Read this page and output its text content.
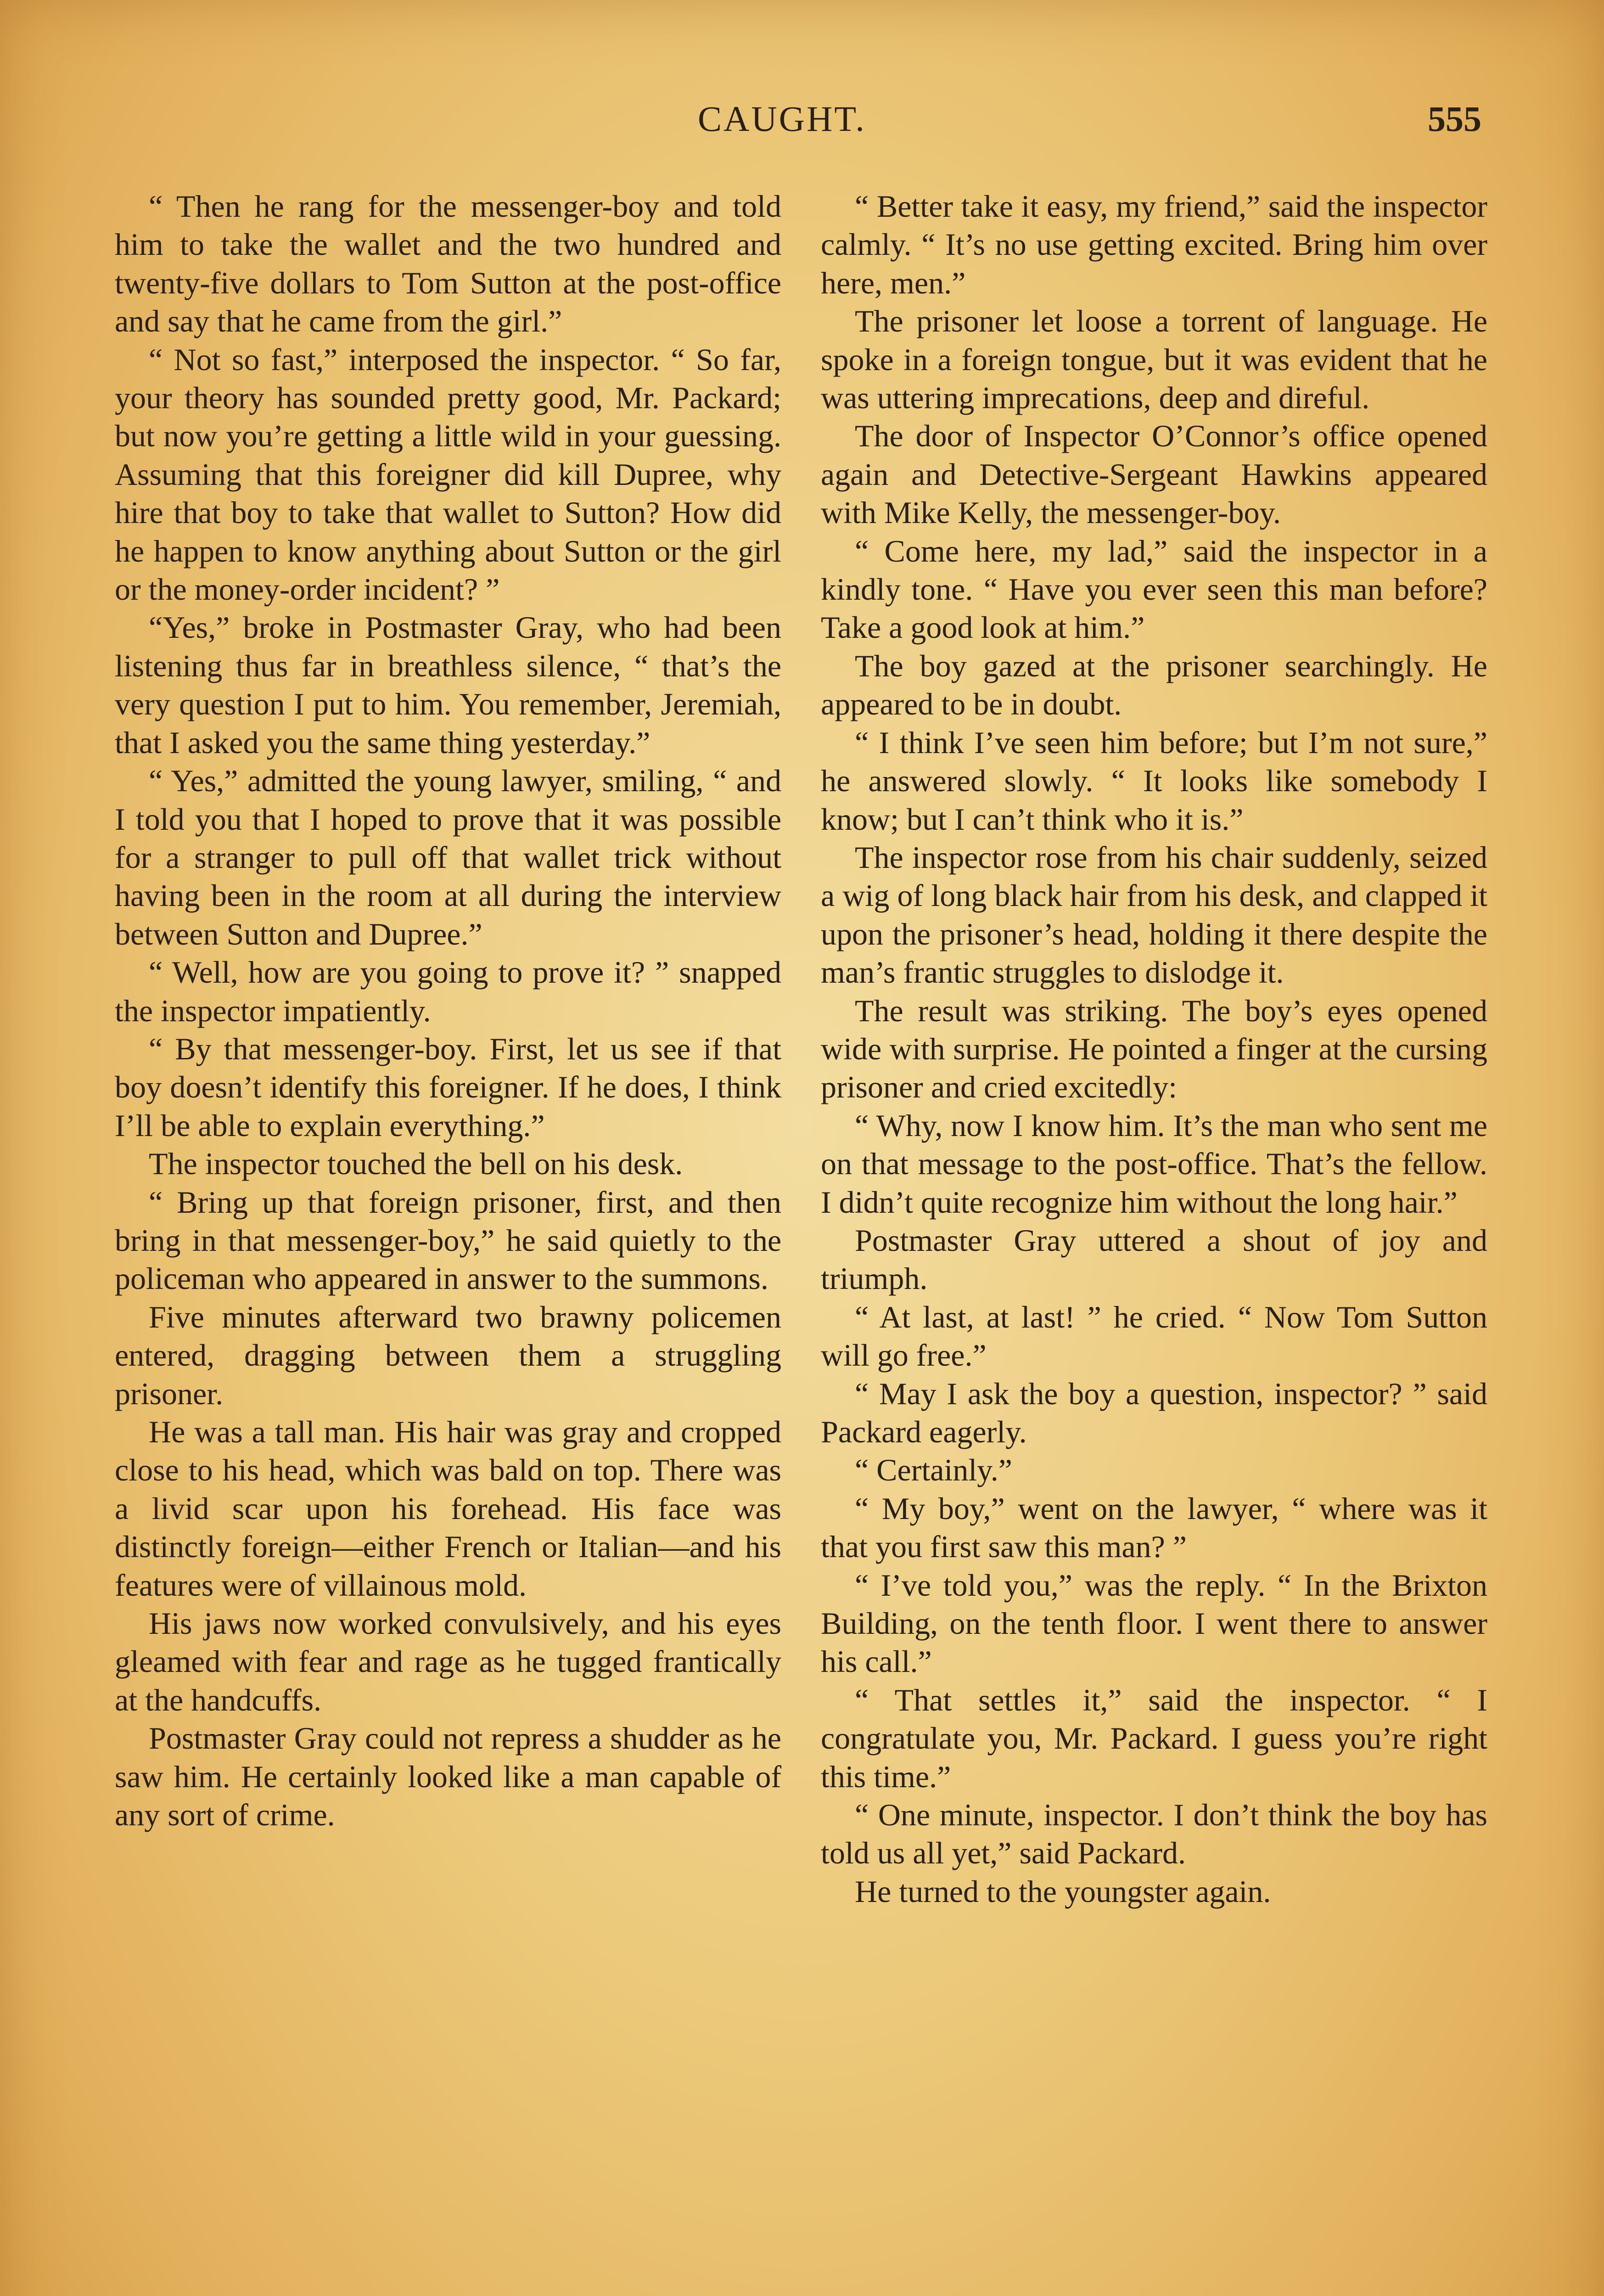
CAUGHT.	555

“ Then he rang for the messenger-boy and told him to take the wallet and the two hundred and twenty-five dollars to Tom Sutton at the post-office and say that he came from the girl.”

“ Not so fast,” interposed the inspector. “ So far, your theory has sounded pretty good, Mr. Packard; but now you’re getting a little wild in your guessing. Assuming that this foreigner did kill Dupree, why hire that boy to take that wallet to Sutton? How did he happen to know anything about Sutton or the girl or the money-order incident? ”

“Yes,” broke in Postmaster Gray, who had been listening thus far in breathless silence, “ that’s the very question I put to him. You remember, Jeremiah, that I asked you the same thing yesterday.”

“ Yes,” admitted the young lawyer, smiling, “ and I told you that I hoped to prove that it was possible for a stranger to pull off that wallet trick without having been in the room at all during the interview between Sutton and Dupree.”

“ Well, how are you going to prove it? ” snapped the inspector impatiently.

“ By that messenger-boy. First, let us see if that boy doesn’t identify this foreigner. If he does, I think I’ll be able to explain everything.”

The inspector touched the bell on his desk.

“ Bring up that foreign prisoner, first, and then bring in that messenger-boy,” he said quietly to the policeman who appeared in answer to the summons.

Five minutes afterward two brawny policemen entered, dragging between them a struggling prisoner.

He was a tall man. His hair was gray and cropped close to his head, which was bald on top. There was a livid scar upon his forehead. His face was distinctly foreign—either French or Italian—and his features were of villainous mold.

His jaws now worked convulsively, and his eyes gleamed with fear and rage as he tugged frantically at the handcuffs.

Postmaster Gray could not repress a shudder as he saw him. He certainly looked like a man capable of any sort of crime.

“ Better take it easy, my friend,” said the inspector calmly. “ It’s no use getting excited. Bring him over here, men.”

The prisoner let loose a torrent of language. He spoke in a foreign tongue, but it was evident that he was uttering imprecations, deep and direful.

The door of Inspector O’Connor’s office opened again and Detective-Sergeant Hawkins appeared with Mike Kelly, the messenger-boy.

“ Come here, my lad,” said the inspector in a kindly tone. “ Have you ever seen this man before? Take a good look at him.”

The boy gazed at the prisoner searchingly. He appeared to be in doubt.

“ I think I’ve seen him before; but I’m not sure,” he answered slowly. “ It looks like somebody I know; but I can’t think who it is.”

The inspector rose from his chair suddenly, seized a wig of long black hair from his desk, and clapped it upon the prisoner’s head, holding it there despite the man’s frantic struggles to dislodge it.

The result was striking. The boy’s eyes opened wide with surprise. He pointed a finger at the cursing prisoner and cried excitedly:

“ Why, now I know him. It’s the man who sent me on that message to the post-office. That’s the fellow. I didn’t quite recognize him without the long hair.”

Postmaster Gray uttered a shout of joy and triumph.

“ At last, at last! ” he cried. “ Now Tom Sutton will go free.”

“ May I ask the boy a question, inspector? ” said Packard eagerly.

“ Certainly.”

“ My boy,” went on the lawyer, “ where was it that you first saw this man? ”

“ I’ve told you,” was the reply. “ In the Brixton Building, on the tenth floor. I went there to answer his call.”

“ That settles it,” said the inspector. “ I congratulate you, Mr. Packard. I guess you’re right this time.”

“ One minute, inspector. I don’t think the boy has told us all yet,” said Packard.

He turned to the youngster again.
